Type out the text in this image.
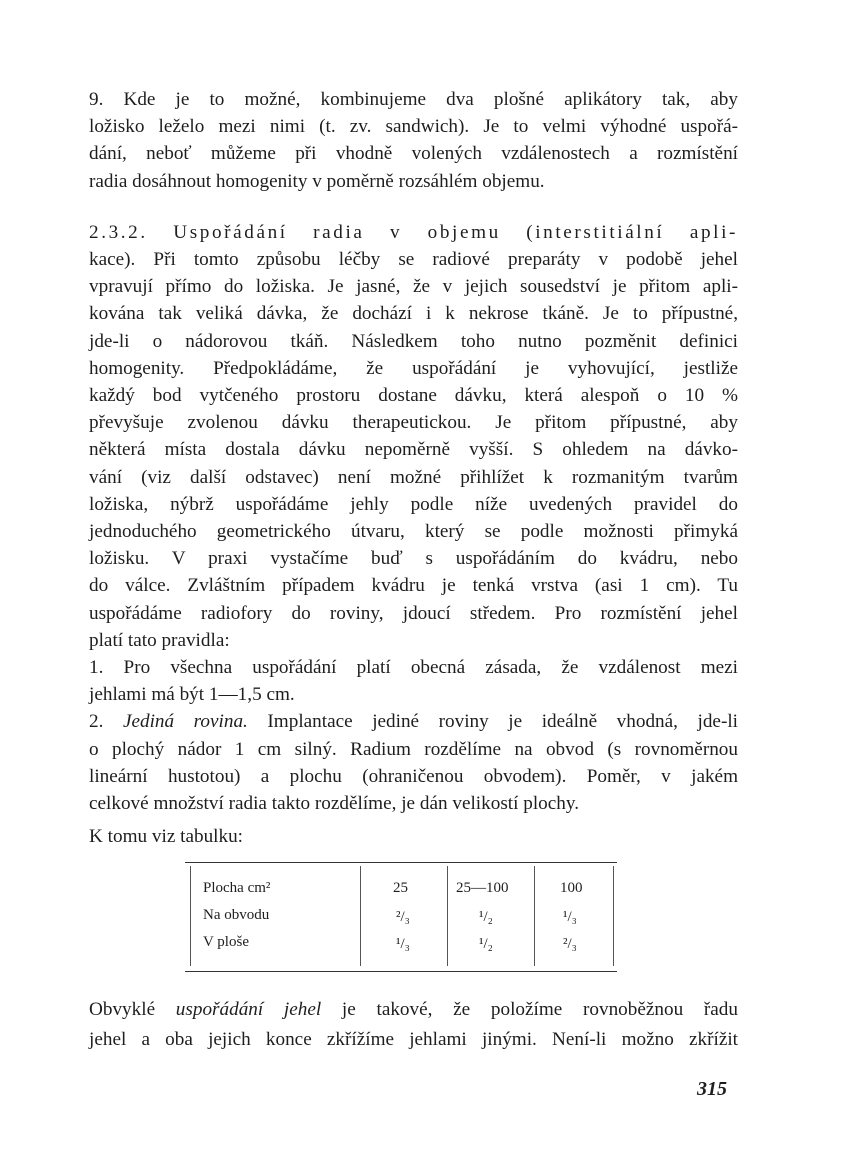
9. Kde je to možné, kombinujeme dva plošné aplikátory tak, aby
ložisko leželo mezi nimi (t. zv. sandwich). Je to velmi výhodné uspořá-
dání, neboť můžeme při vhodně volených vzdálenostech a rozmístění
radia dosáhnout homogenity v poměrně rozsáhlém objemu.
2.3.2. Uspořádání radia v objemu (interstitiální apli-
kace). Při tomto způsobu léčby se radiové preparáty v podobě jehel
vpravují přímo do ložiska. Je jasné, že v jejich sousedství je přitom apli-
kována tak veliká dávka, že dochází i k nekrose tkáně. Je to přípustné,
jde-li o nádorovou tkáň. Následkem toho nutno pozměnit definici
homogenity. Předpokládáme, že uspořádání je vyhovující, jestliže
každý bod vytčeného prostoru dostane dávku, která alespoň o 10 %
převyšuje zvolenou dávku therapeutickou. Je přitom přípustné, aby
některá místa dostala dávku nepoměrně vyšší. S ohledem na dávko-
vání (viz další odstavec) není možné přihlížet k rozmanitým tvarům
ložiska, nýbrž uspořádáme jehly podle níže uvedených pravidel do
jednoduchého geometrického útvaru, který se podle možnosti přimyká
ložisku. V praxi vystačíme buď s uspořádáním do kvádru, nebo
do válce. Zvláštním případem kvádru je tenká vrstva (asi 1 cm). Tu
uspořádáme radiofory do roviny, jdoucí středem. Pro rozmístění jehel
platí tato pravidla:
1. Pro všechna uspořádání platí obecná zásada, že vzdálenost mezi
jehlami má být 1—1,5 cm.
2. Jediná rovina. Implantace jediné roviny je ideálně vhodná, jde-li
o plochý nádor 1 cm silný. Radium rozdělíme na obvod (s rovnoměrnou
lineární hustotou) a plochu (ohraničenou obvodem). Poměr, v jakém
celkové množství radia takto rozdělíme, je dán velikostí plochy.
K tomu viz tabulku:
Plocha cm²	25	25—100	100
Na obvodu	²/₃	¹/₂	¹/₃
V ploše	¹/₃	¹/₂	²/₃
Obvyklé uspořádání jehel je takové, že položíme rovnoběžnou řadu
jehel a oba jejich konce zkřížíme jehlami jinými. Není-li možno zkřížit
315
